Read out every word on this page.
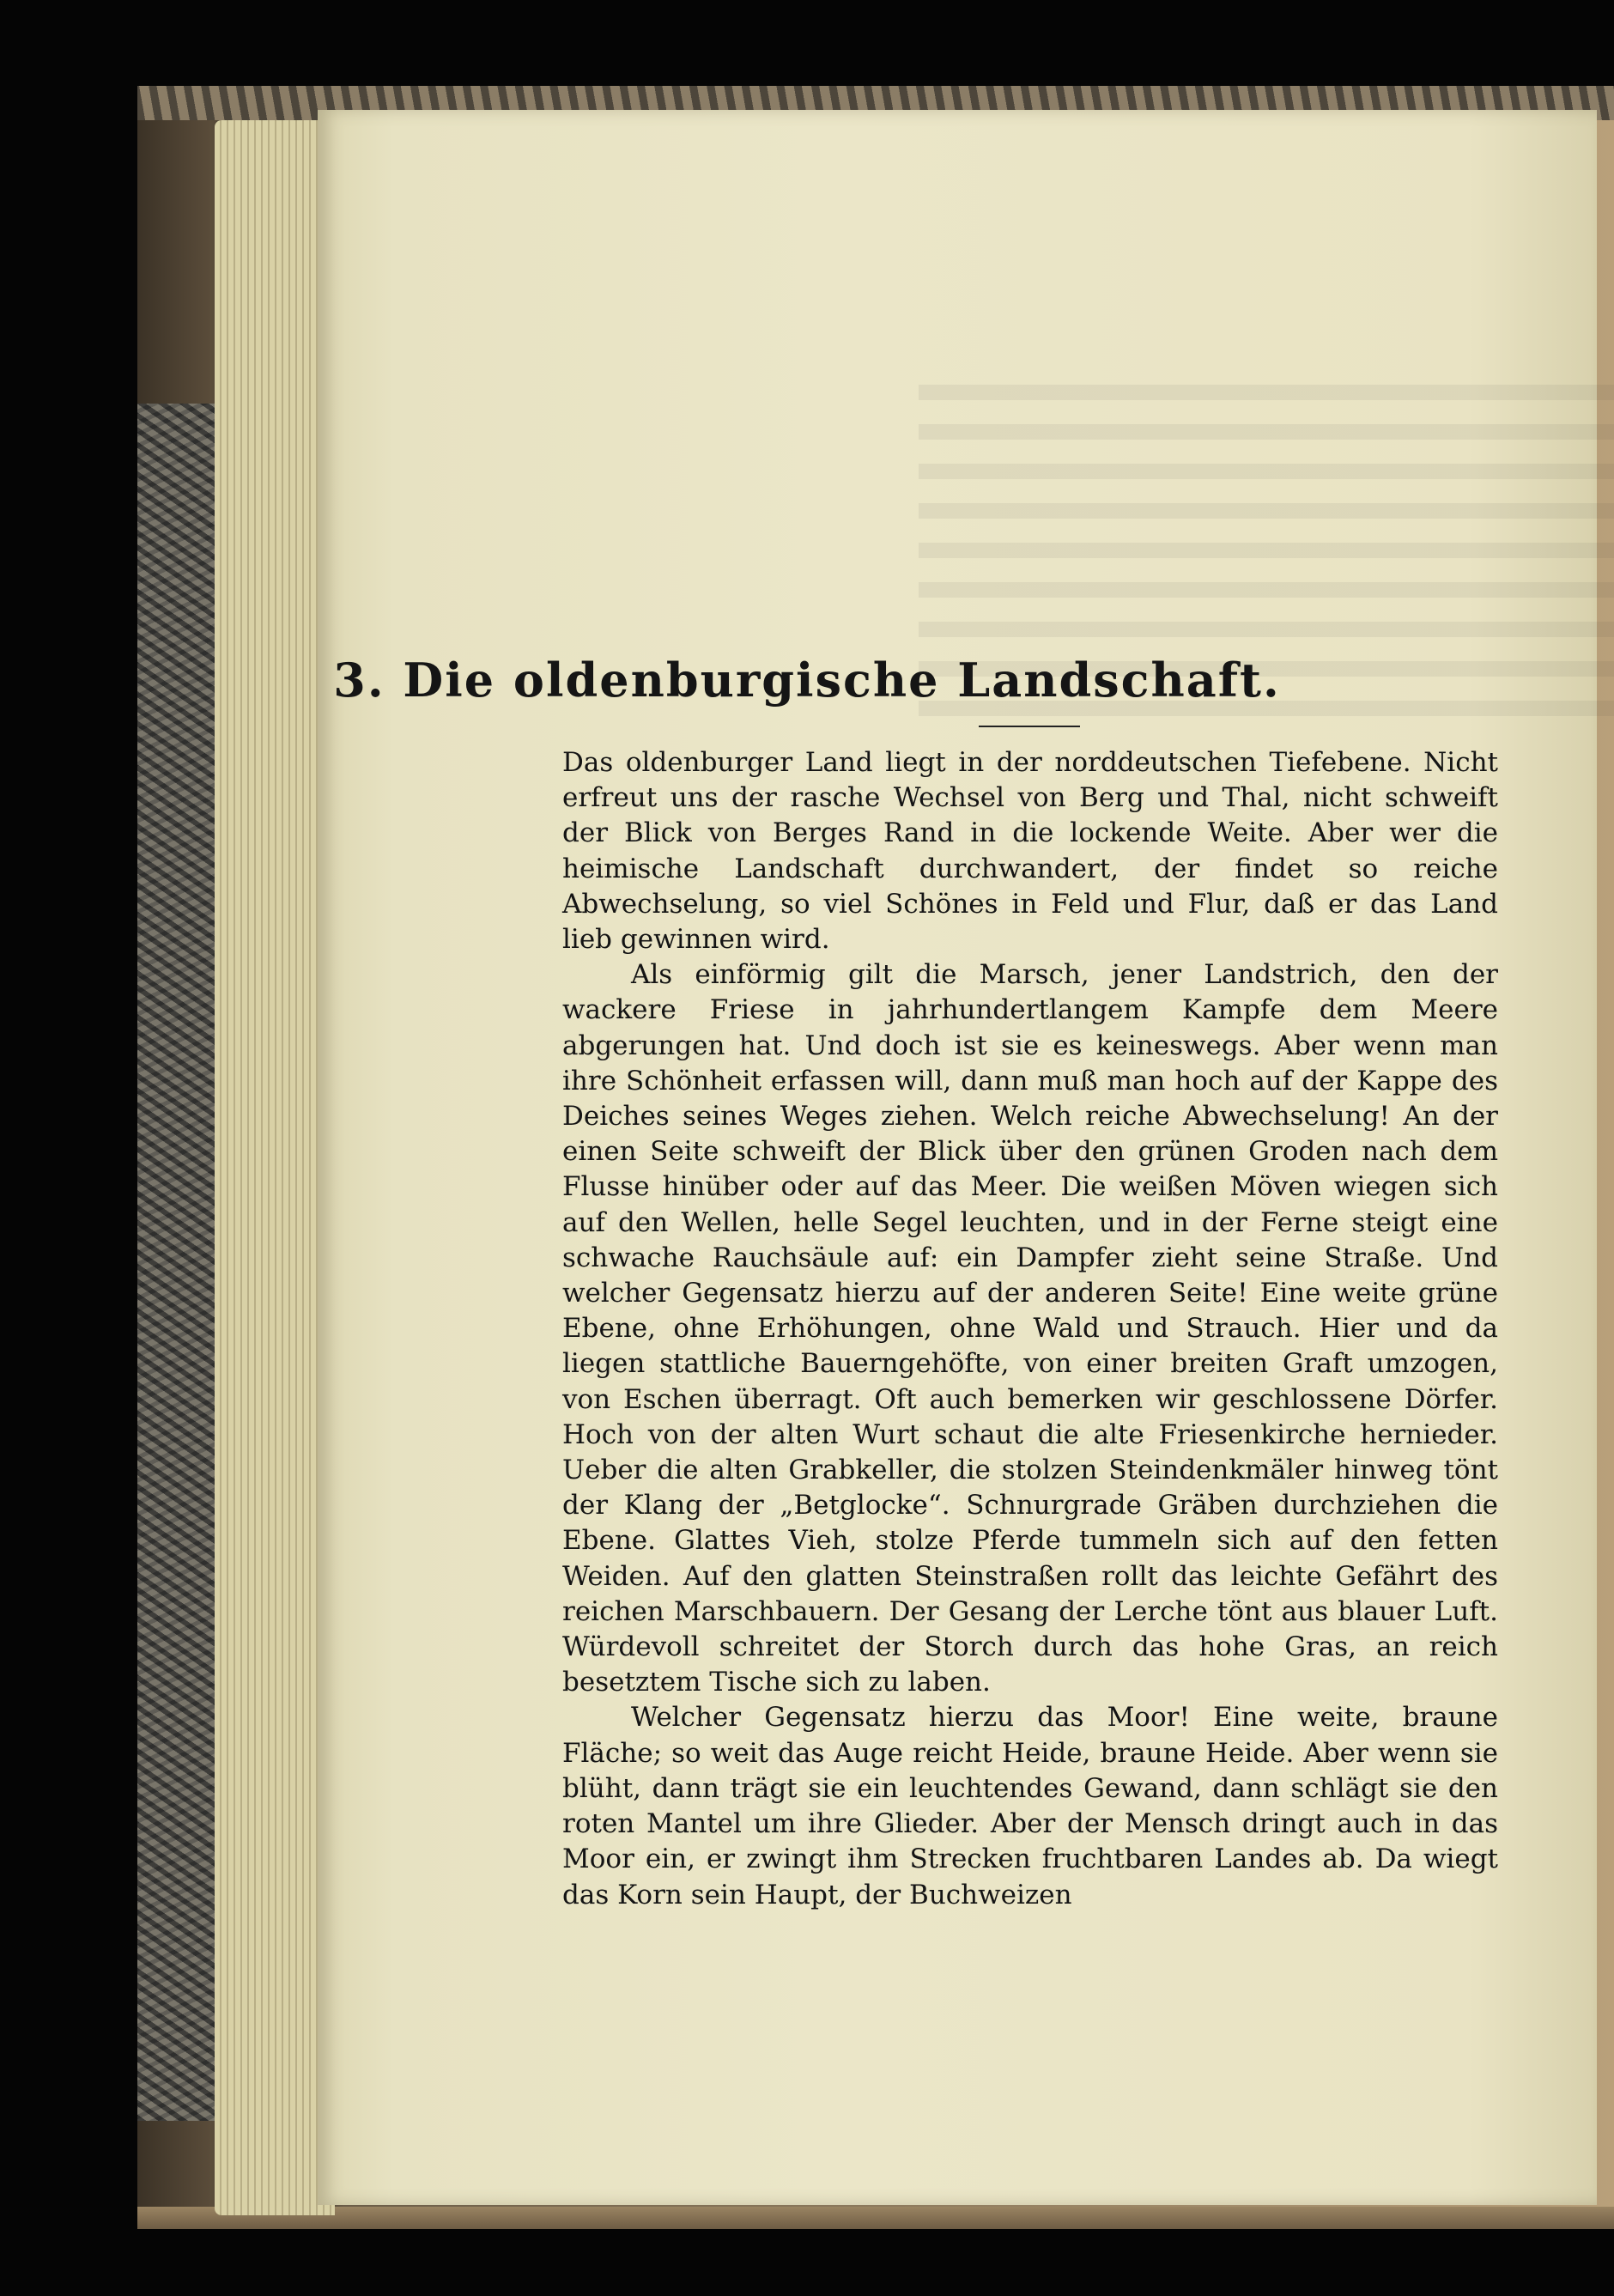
3. Die oldenburgische Landschaft.

Das oldenburger Land liegt in der norddeutschen Tiefebene. Nicht erfreut uns der rasche Wechsel von Berg und Thal, nicht schweift der Blick von Berges Rand in die lockende Weite. Aber wer die heimische Landschaft durchwandert, der findet so reiche Abwechselung, so viel Schönes in Feld und Flur, daß er das Land lieb gewinnen wird.

Als einförmig gilt die Marsch, jener Landstrich, den der wackere Friese in jahrhundertlangem Kampfe dem Meere abgerungen hat. Und doch ist sie es keineswegs. Aber wenn man ihre Schönheit erfassen will, dann muß man hoch auf der Kappe des Deiches seines Weges ziehen. Welch reiche Abwechselung! An der einen Seite schweift der Blick über den grünen Groden nach dem Flusse hinüber oder auf das Meer. Die weißen Möven wiegen sich auf den Wellen, helle Segel leuchten, und in der Ferne steigt eine schwache Rauchsäule auf: ein Dampfer zieht seine Straße. Und welcher Gegensatz hierzu auf der anderen Seite! Eine weite grüne Ebene, ohne Erhöhungen, ohne Wald und Strauch. Hier und da liegen stattliche Bauerngehöfte, von einer breiten Graft umzogen, von Eschen überragt. Oft auch bemerken wir geschlossene Dörfer. Hoch von der alten Wurt schaut die alte Friesenkirche hernieder. Ueber die alten Grabkeller, die stolzen Steindenkmäler hinweg tönt der Klang der „Betglocke“. Schnurgrade Gräben durchziehen die Ebene. Glattes Vieh, stolze Pferde tummeln sich auf den fetten Weiden. Auf den glatten Steinstraßen rollt das leichte Gefährt des reichen Marschbauern. Der Gesang der Lerche tönt aus blauer Luft. Würdevoll schreitet der Storch durch das hohe Gras, an reich besetztem Tische sich zu laben.

Welcher Gegensatz hierzu das Moor! Eine weite, braune Fläche; so weit das Auge reicht Heide, braune Heide. Aber wenn sie blüht, dann trägt sie ein leuchtendes Gewand, dann schlägt sie den roten Mantel um ihre Glieder. Aber der Mensch dringt auch in das Moor ein, er zwingt ihm Strecken fruchtbaren Landes ab. Da wiegt das Korn sein Haupt, der Buchweizen
